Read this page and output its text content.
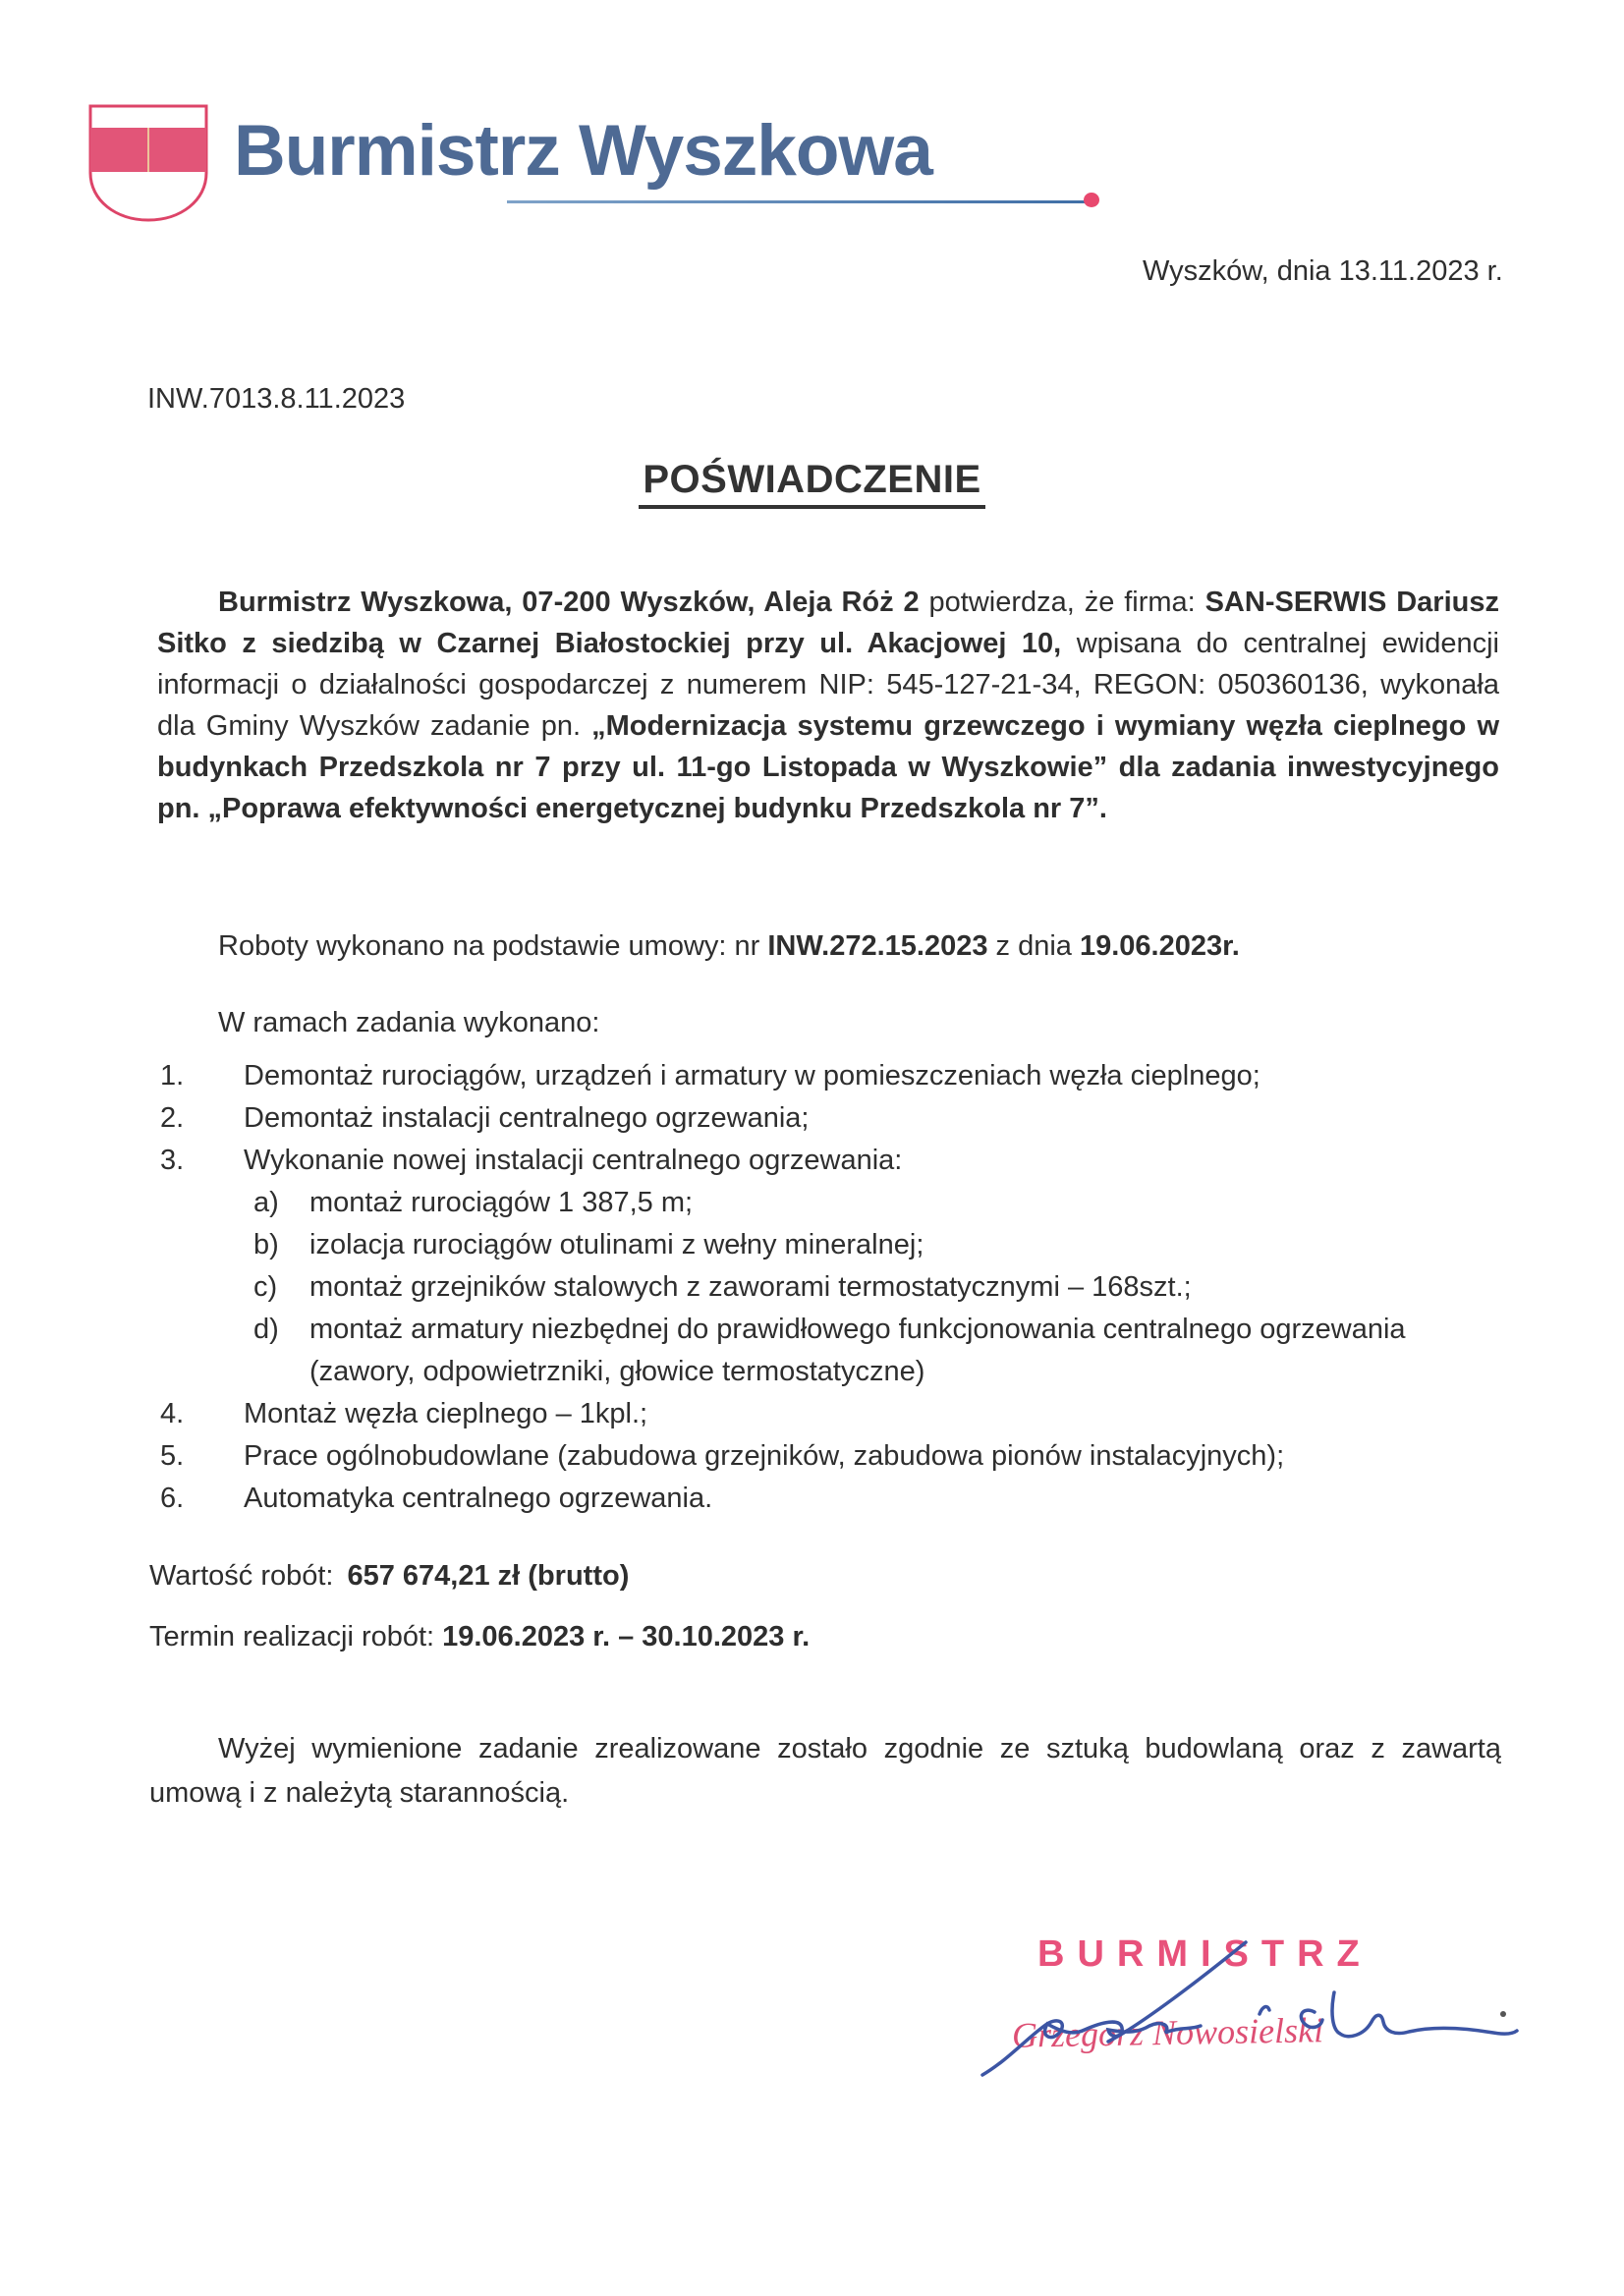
Burmistrz Wyszkowa
Wyszków, dnia 13.11.2023 r.
INW.7013.8.11.2023
POŚWIADCZENIE

Burmistrz Wyszkowa, 07-200 Wyszków, Aleja Róż 2 potwierdza, że firma: SAN-SERWIS Dariusz Sitko z siedzibą w Czarnej Białostockiej przy ul. Akacjowej 10, wpisana do centralnej ewidencji informacji o działalności gospodarczej z numerem NIP: 545-127-21-34, REGON: 050360136, wykonała dla Gminy Wyszków zadanie pn. „Modernizacja systemu grzewczego i wymiany węzła cieplnego w budynkach Przedszkola nr 7 przy ul. 11-go Listopada w Wyszkowie” dla zadania inwestycyjnego pn. „Poprawa efektywności energetycznej budynku Przedszkola nr 7”.

Roboty wykonano na podstawie umowy: nr INW.272.15.2023 z dnia 19.06.2023r.

W ramach zadania wykonano:

1.	Demontaż rurociągów, urządzeń i armatury w pomieszczeniach węzła cieplnego;
2.	Demontaż instalacji centralnego ogrzewania;
3.	Wykonanie nowej instalacji centralnego ogrzewania:
a)	montaż rurociągów 1 387,5 m;
b)	izolacja rurociągów otulinami z wełny mineralnej;
c)	montaż grzejników stalowych z zaworami termostatycznymi – 168szt.;
d)	montaż armatury niezbędnej do prawidłowego funkcjonowania centralnego ogrzewania (zawory, odpowietrzniki, głowice termostatyczne)
4.	Montaż węzła cieplnego – 1kpl.;
5.	Prace ogólnobudowlane (zabudowa grzejników, zabudowa pionów instalacyjnych);
6.	Automatyka centralnego ogrzewania.

Wartość robót: 657 674,21 zł (brutto)

Termin realizacji robót: 19.06.2023 r. – 30.10.2023 r.

Wyżej wymienione zadanie zrealizowane zostało zgodnie ze sztuką budowlaną oraz z zawartą umową i z należytą starannością.

BURMISTRZ
Grzegorz Nowosielski
